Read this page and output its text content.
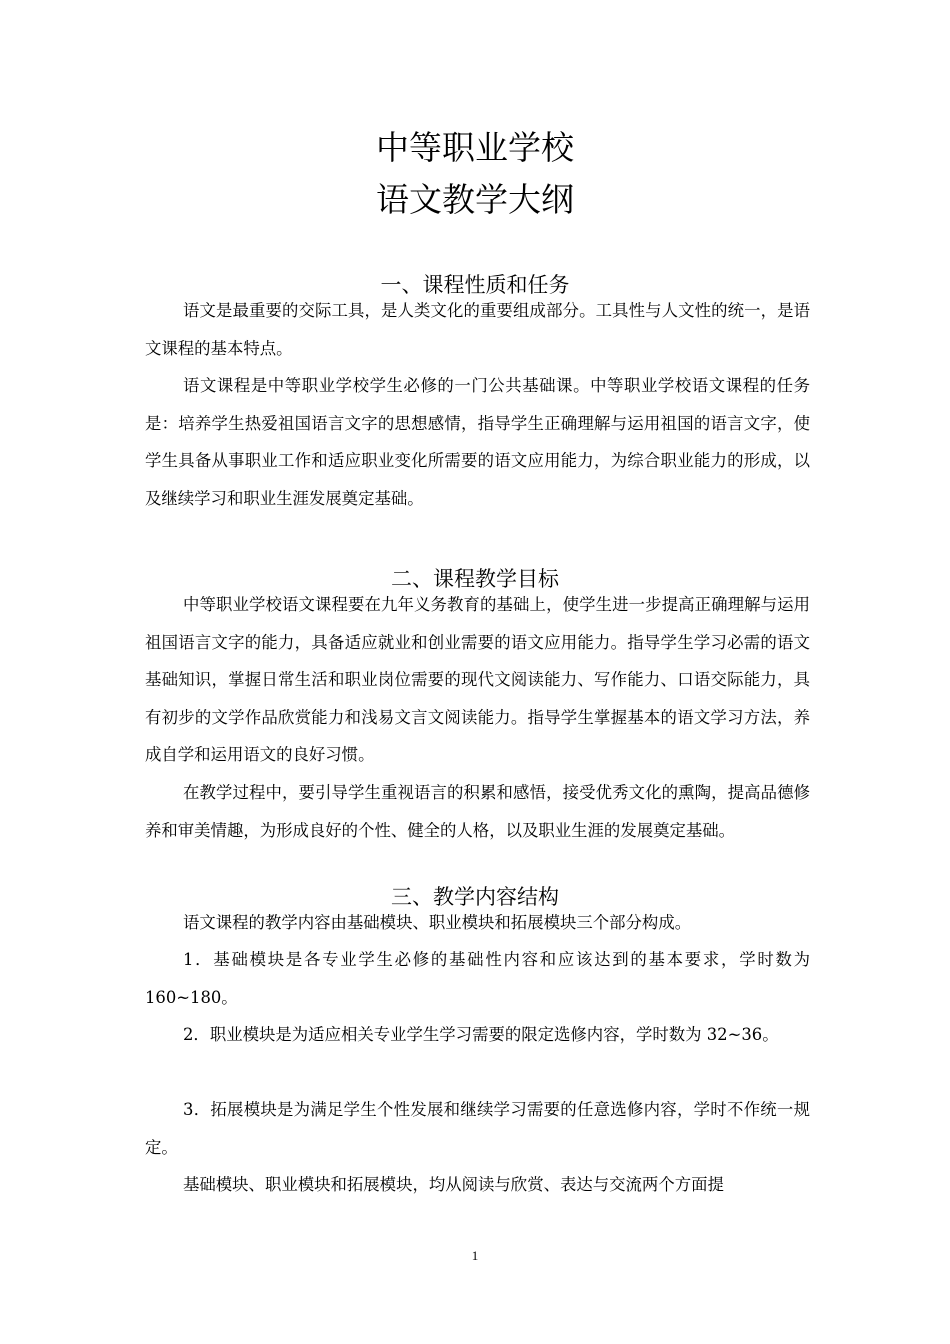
中等职业学校
语文教学大纲
一、课程性质和任务

语文是最重要的交际工具，是人类文化的重要组成部分。工具性与人文性的统一，是语文课程的基本特点。

语文课程是中等职业学校学生必修的一门公共基础课。中等职业学校语文课程的任务是：培养学生热爱祖国语言文字的思想感情，指导学生正确理解与运用祖国的语言文字，使学生具备从事职业工作和适应职业变化所需要的语文应用能力，为综合职业能力的形成，以及继续学习和职业生涯发展奠定基础。

二、课程教学目标

中等职业学校语文课程要在九年义务教育的基础上，使学生进一步提高正确理解与运用祖国语言文字的能力，具备适应就业和创业需要的语文应用能力。指导学生学习必需的语文基础知识，掌握日常生活和职业岗位需要的现代文阅读能力、写作能力、口语交际能力，具有初步的文学作品欣赏能力和浅易文言文阅读能力。指导学生掌握基本的语文学习方法，养成自学和运用语文的良好习惯。

在教学过程中，要引导学生重视语言的积累和感悟，接受优秀文化的熏陶，提高品德修养和审美情趣，为形成良好的个性、健全的人格，以及职业生涯的发展奠定基础。

三、教学内容结构

语文课程的教学内容由基础模块、职业模块和拓展模块三个部分构成。

1．基础模块是各专业学生必修的基础性内容和应该达到的基本要求，学时数为 160~180。

2．职业模块是为适应相关专业学生学习需要的限定选修内容，学时数为 32~36。

3．拓展模块是为满足学生个性发展和继续学习需要的任意选修内容，学时不作统一规定。

基础模块、职业模块和拓展模块，均从阅读与欣赏、表达与交流两个方面提

1
